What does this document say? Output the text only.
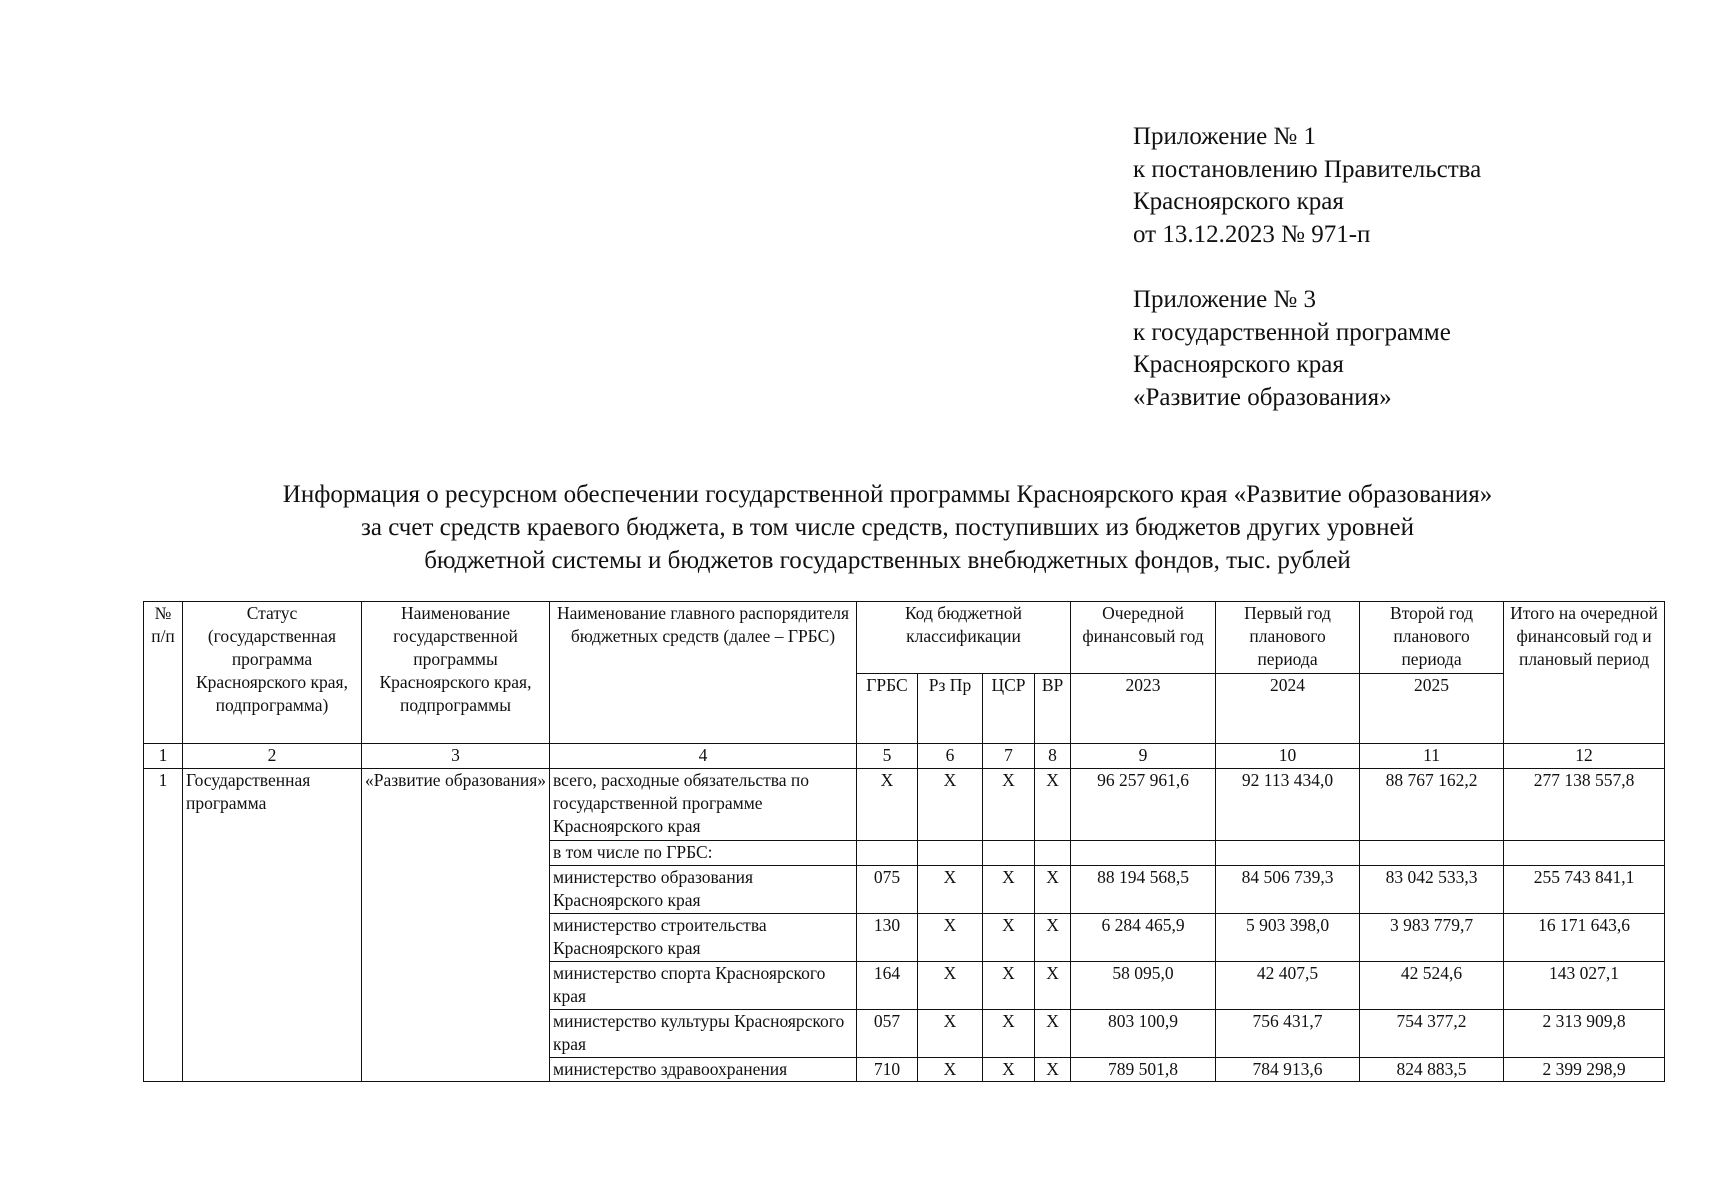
Приложение № 1
к постановлению Правительства
Красноярского края
от 13.12.2023 № 971-п
Приложение № 3
к государственной программе
Красноярского края
«Развитие образования»
Информация о ресурсном обеспечении государственной программы Красноярского края «Развитие образования»
за счет средств краевого бюджета, в том числе средств, поступивших из бюджетов других уровней
бюджетной системы и бюджетов государственных внебюджетных фондов, тыс. рублей
№ п/п	Статус (государственная программа Красноярского края, подпрограмма)	Наименование государственной программы Красноярского края, подпрограммы	Наименование главного распорядителя бюджетных средств (далее – ГРБС)	Код бюджетной классификации				Очередной финансовый год	Первый год планового периода	Второй год планового периода	Итого на очередной финансовый год и плановый период
				ГРБС	Рз Пр	ЦСР	ВР	2023	2024	2025	
1	2	3	4	5	6	7	8	9	10	11	12
1	Государственная программа	«Развитие образования»	всего, расходные обязательства по государственной программе Красноярского края	Х	Х	Х	Х	96 257 961,6	92 113 434,0	88 767 162,2	277 138 557,8
			в том числе по ГРБС:								
			министерство образования Красноярского края	075	Х	Х	Х	88 194 568,5	84 506 739,3	83 042 533,3	255 743 841,1
			министерство строительства Красноярского края	130	Х	Х	Х	6 284 465,9	5 903 398,0	3 983 779,7	16 171 643,6
			министерство спорта Красноярского края	164	Х	Х	Х	58 095,0	42 407,5	42 524,6	143 027,1
			министерство культуры Красноярского края	057	Х	Х	Х	803 100,9	756 431,7	754 377,2	2 313 909,8
			министерство здравоохранения	710	Х	Х	Х	789 501,8	784 913,6	824 883,5	2 399 298,9
